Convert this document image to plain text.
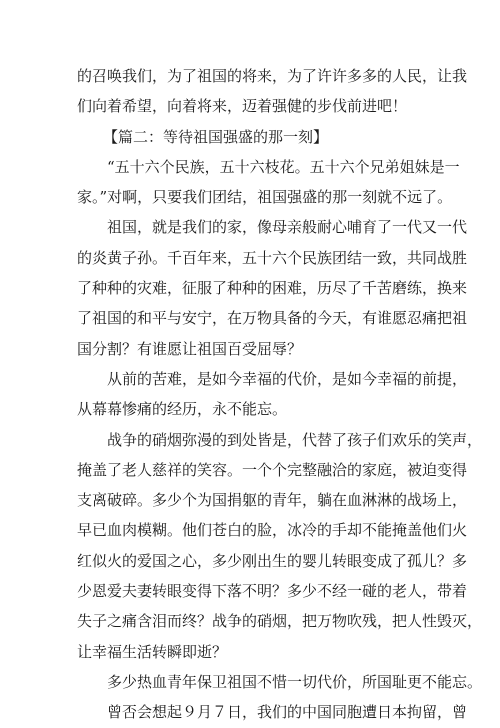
的召唤我们，为了祖国的将来，为了许许多多的人民，让我
们向着希望，向着将来，迈着强健的步伐前进吧！
【篇二：等待祖国强盛的那一刻】
“五十六个民族，五十六枝花。五十六个兄弟姐妹是一
家。”对啊，只要我们团结，祖国强盛的那一刻就不远了。
祖国，就是我们的家，像母亲般耐心哺育了一代又一代
的炎黄子孙。千百年来，五十六个民族团结一致，共同战胜
了种种的灾难，征服了种种的困难，历尽了千苦磨练，换来
了祖国的和平与安宁，在万物具备的今天，有谁愿忍痛把祖
国分割？有谁愿让祖国百受屈辱？
从前的苦难，是如今幸福的代价，是如今幸福的前提，
从幕幕惨痛的经历，永不能忘。
战争的硝烟弥漫的到处皆是，代替了孩子们欢乐的笑声，
掩盖了老人慈祥的笑容。一个个完整融洽的家庭，被迫变得
支离破碎。多少个为国捐躯的青年，躺在血淋淋的战场上，
早已血肉模糊。他们苍白的脸，冰冷的手却不能掩盖他们火
红似火的爱国之心，多少刚出生的婴儿转眼变成了孤儿？多
少恩爱夫妻转眼变得下落不明？多少不经一碰的老人，带着
失子之痛含泪而终？战争的硝烟，把万物吹残，把人性毁灭，
让幸福生活转瞬即逝？
多少热血青年保卫祖国不惜一切代价，所国耻更不能忘。
曾否会想起９月７日，我们的中国同胞遭日本拘留，曾
